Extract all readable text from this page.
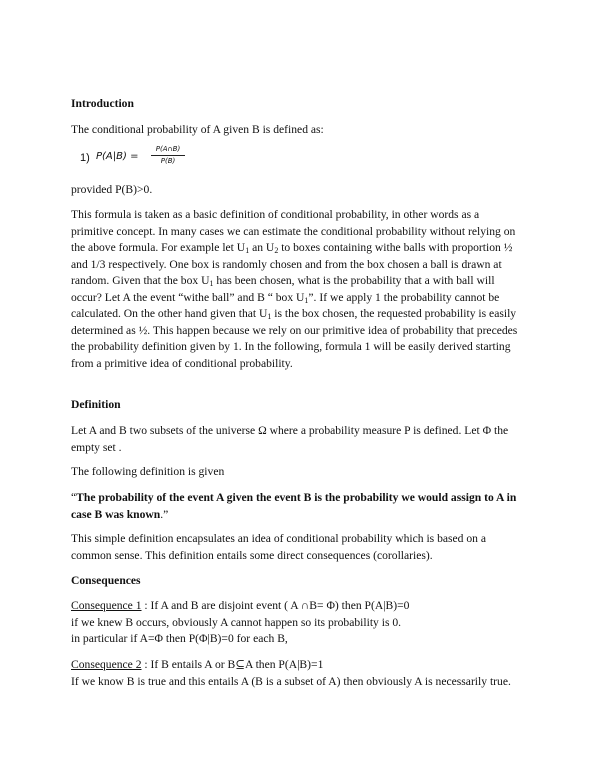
Introduction
The conditional probability of A given B is defined as:
1) P(A|B) =
P(A∩B)
P(B)
provided P(B)>0.
This formula is taken as a basic definition of conditional probability, in other words as a
primitive concept. In many cases we can estimate the conditional probability without relying on
the above formula. For example let $U_1$ an $U_2$ to boxes containing withe balls with proportion ½
and 1/3 respectively. One box is randomly chosen and from the box chosen a ball is drawn at
random. Given that the box $U_1$ has been chosen, what is the probability that a with ball will
occur? Let A the event “withe ball” and B “ box $U_1$”. If we apply 1 the probability cannot be
calculated. On the other hand given that $U_1$ is the box chosen, the requested probability is easily
determined as ½. This happen because we rely on our primitive idea of probability that precedes
the probability definition given by 1. In the following, formula 1 will be easily derived starting
from a primitive idea of conditional probability.
Definition
Let A and B two subsets of the universe Ω where a probability measure P is defined. Let Φ the
empty set .
The following definition is given
“The probability of the event A given the event B is the probability we would assign to A in
case B was known.”
This simple definition encapsulates an idea of conditional probability which is based on a
common sense. This definition entails some direct consequences (corollaries).
Consequences
Consequence 1 : If A and B are disjoint event ( A ∩B= Φ) then P(A|B)=0
if we knew B occurs, obviously A cannot happen so its probability is 0.
in particular if A=Φ then P(Φ|B)=0 for each B,
Consequence 2 : If B entails A or B⊆A then P(A|B)=1
If we know B is true and this entails A (B is a subset of A) then obviously A is necessarily true.
